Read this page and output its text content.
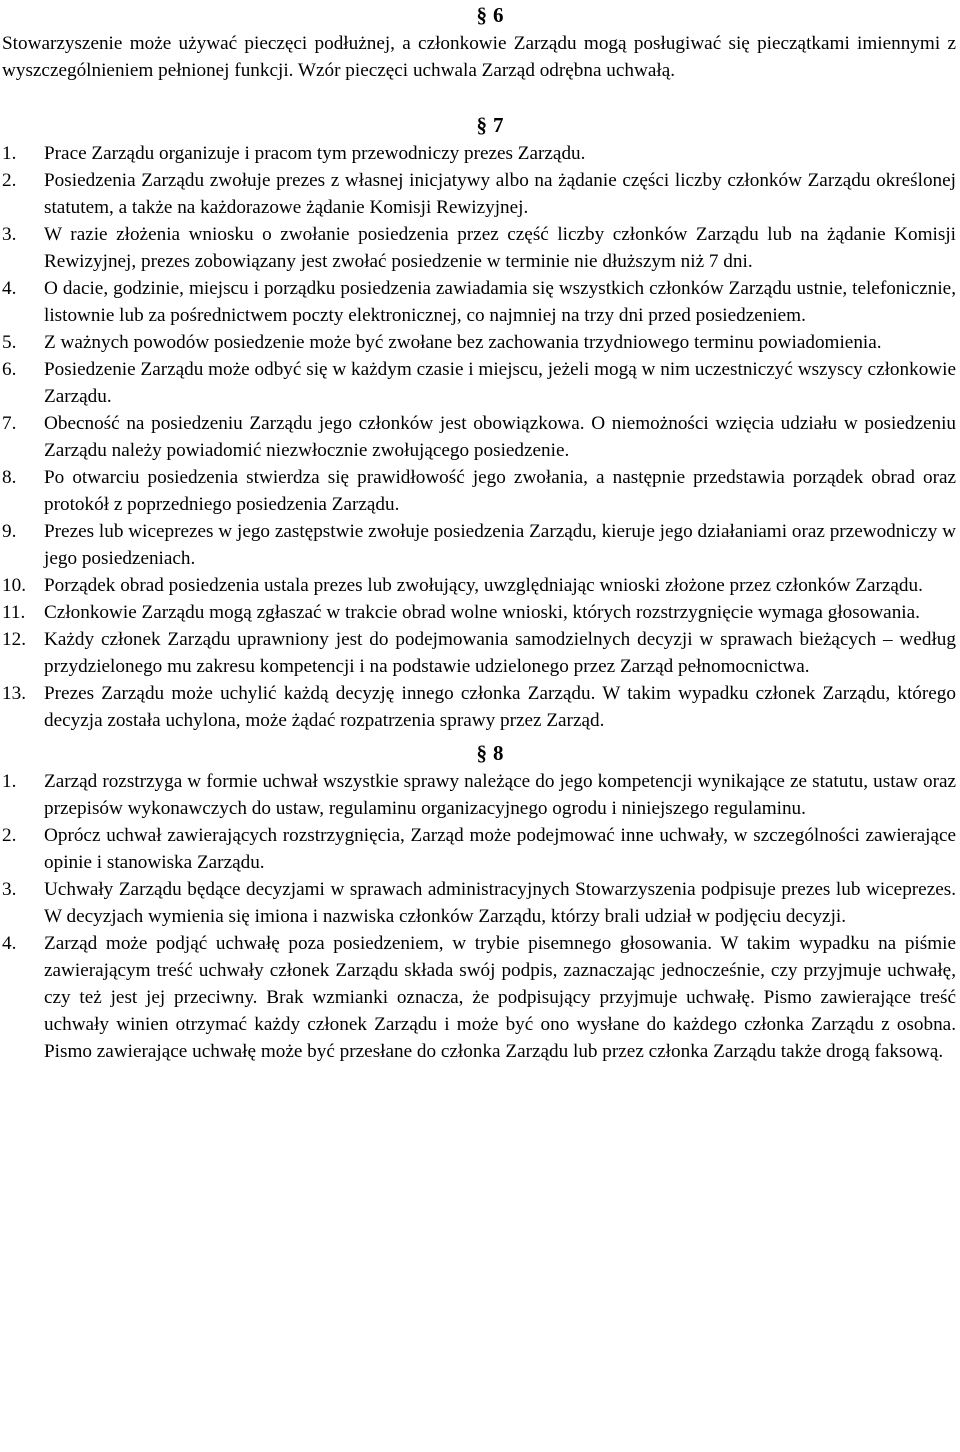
§ 6

Stowarzyszenie może używać pieczęci podłużnej, a członkowie Zarządu mogą posługiwać się pieczątkami imiennymi z wyszczególnieniem pełnionej funkcji. Wzór pieczęci uchwala Zarząd odrębna uchwałą.

§ 7
1.	Prace Zarządu organizuje i pracom tym przewodniczy prezes Zarządu.
2.	Posiedzenia Zarządu zwołuje prezes z własnej inicjatywy albo na żądanie części liczby członków Zarządu określonej statutem, a także na każdorazowe żądanie Komisji Rewizyjnej.
3.	W razie złożenia wniosku o zwołanie posiedzenia przez część liczby członków Zarządu lub na żądanie Komisji Rewizyjnej, prezes zobowiązany jest zwołać posiedzenie w terminie nie dłuższym niż 7 dni.
4.	O dacie, godzinie, miejscu i porządku posiedzenia zawiadamia się wszystkich członków Zarządu ustnie, telefonicznie, listownie lub za pośrednictwem poczty elektronicznej, co najmniej na trzy dni przed posiedzeniem.
5.	Z ważnych powodów posiedzenie może być zwołane bez zachowania trzydniowego terminu powiadomienia.
6.	Posiedzenie Zarządu może odbyć się w każdym czasie i miejscu, jeżeli mogą w nim uczestniczyć wszyscy członkowie Zarządu.
7.	Obecność na posiedzeniu Zarządu jego członków jest obowiązkowa. O niemożności wzięcia udziału w posiedzeniu Zarządu należy powiadomić niezwłocznie zwołującego posiedzenie.
8.	Po otwarciu posiedzenia stwierdza się prawidłowość jego zwołania, a następnie przedstawia porządek obrad oraz protokół z poprzedniego posiedzenia Zarządu.
9.	Prezes lub wiceprezes w jego zastępstwie zwołuje posiedzenia Zarządu, kieruje jego działaniami oraz przewodniczy w jego posiedzeniach.
10. Porządek obrad posiedzenia ustala prezes lub zwołujący, uwzględniając wnioski złożone przez członków Zarządu.
11. Członkowie Zarządu mogą zgłaszać w trakcie obrad wolne wnioski, których rozstrzygnięcie wymaga głosowania.
12. Każdy członek Zarządu uprawniony jest do podejmowania samodzielnych decyzji w sprawach bieżących – według przydzielonego mu zakresu kompetencji i na podstawie udzielonego przez Zarząd pełnomocnictwa.
13. Prezes Zarządu może uchylić każdą decyzję innego członka Zarządu. W takim wypadku członek Zarządu, którego decyzja została uchylona, może żądać rozpatrzenia sprawy przez Zarząd.
§ 8
1.	Zarząd rozstrzyga w formie uchwał wszystkie sprawy należące do jego kompetencji wynikające ze statutu, ustaw oraz przepisów wykonawczych do ustaw, regulaminu organizacyjnego ogrodu i niniejszego regulaminu.
2.	Oprócz uchwał zawierających rozstrzygnięcia, Zarząd może podejmować inne uchwały, w szczególności zawierające opinie i stanowiska Zarządu.
3.	Uchwały Zarządu będące decyzjami w sprawach administracyjnych Stowarzyszenia podpisuje prezes lub wiceprezes. W decyzjach wymienia się imiona i nazwiska członków Zarządu, którzy brali udział w podjęciu decyzji.
4.	Zarząd może podjąć uchwałę poza posiedzeniem, w trybie pisemnego głosowania. W takim wypadku na piśmie zawierającym treść uchwały członek Zarządu składa swój podpis, zaznaczając jednocześnie, czy przyjmuje uchwałę, czy też jest jej przeciwny. Brak wzmianki oznacza, że podpisujący przyjmuje uchwałę. Pismo zawierające treść uchwały winien otrzymać każdy członek Zarządu i może być ono wysłane do każdego członka Zarządu z osobna. Pismo zawierające uchwałę może być przesłane do członka Zarządu lub przez członka Zarządu także drogą faksową.
